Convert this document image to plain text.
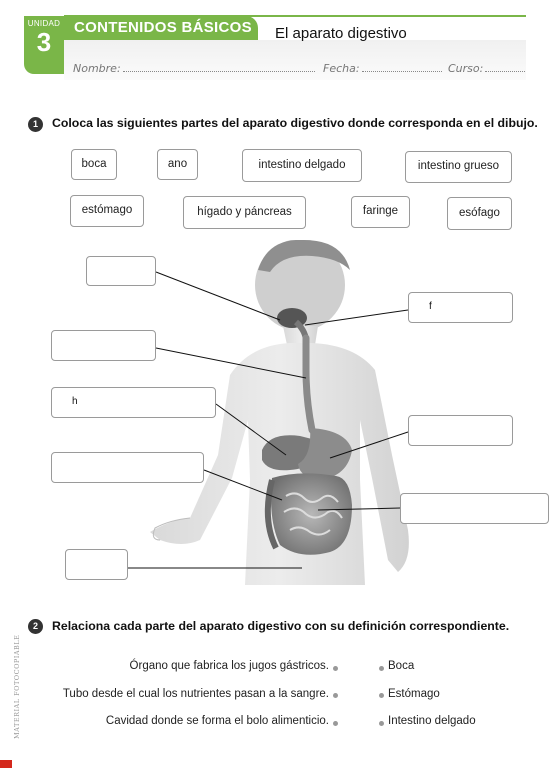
UNIDAD
3	CONTENIDOS BÁSICOS	El aparato digestivo
Nombre:	Fecha:	Curso:
1	Coloca las siguientes partes del aparato digestivo donde corresponda en el dibujo.
boca	ano	intestino delgado	intestino grueso
estómago	hígado y páncreas	faringe	esófago
f
h
2	Relaciona cada parte del aparato digestivo con su definición correspondiente.
Órgano que fabrica los jugos gástricos.
Tubo desde el cual los nutrientes pasan a la sangre.
Cavidad donde se forma el bolo alimenticio.
Boca
Estómago
Intestino delgado
MATERIAL FOTOCOPIABLE
